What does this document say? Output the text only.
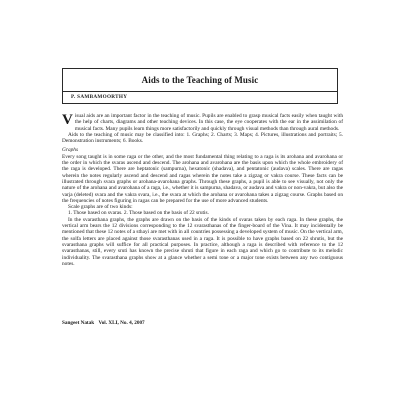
Aids to the Teaching of Music
P. SAMBAMOORTHY

Visual aids are an important factor in the teaching of music. Pupils are enabled to grasp musical facts easily when taught with the help of charts, diagrams and other teaching devices. In this case, the eye cooperates with the ear in the assimilation of musical facts. Many pupils learn things more satisfactorily and quickly through visual methods than through aural methods.

Aids to the teaching of music may be classified into: 1. Graphs; 2. Charts; 3. Maps; 4. Pictures, illustrations and portraits; 5. Demonstration instruments; 6. Books.

Graphs

Every song taught is in some raga or the other, and the most fundamental thing relating to a raga is its arohana and avarohana or the order in which the svaras ascend and descend. The arohana and avarohana are the basis upon which the whole embroidery of the raga is developed. There are heptatonic (sampurna), hexatonic (shadava), and pentatonic (audava) scales. There are ragas wherein the notes regularly ascend and descend and ragas wherein the notes take a zigzag or vakra course. These facts can be illustrated through svara graphs or arohana-avarohana graphs. Through these graphs, a pupil is able to see visually, not only the nature of the arohana and avarohana of a raga, i.e., whether it is sampurna, shadava, or audava and vakra or non-vakra, but also the varja (deleted) svara and the vakra svara, i.e., the svara at which the arohana or avarohana takes a zigzag course. Graphs based on the frequencies of notes figuring in ragas can be prepared for the use of more advanced students.

Scale graphs are of two kinds:

1. Those based on svaras. 2. Those based on the basis of 22 srutis.

In the svarasthana graphs, the graphs are drawn on the basis of the kinds of svaras taken by each raga. In these graphs, the vertical arm bears the 12 divisions corresponding to the 12 svarasthanas of the finger-board of the Vina. It may incidentally be mentioned that these 12 notes of a sthayi are met with in all countries possessing a developed system of music. On the vertical arm, the solfa letters are placed against those svarasthanas used in a raga. It is possible to have graphs based on 22 shrutis, but the svarasthana graphs will suffice for all practical purposes. In practice, although a raga is described with reference to the 12 svarasthanas, still, every sruti has known the precise shruti that figure in each raga and which go to contribute to its melodic individuality. The svarasthana graphs show at a glance whether a semi tone or a major tone exists between any two contiguous notes.

Sangeet Natak Vol. XLI, No. 4, 2007
